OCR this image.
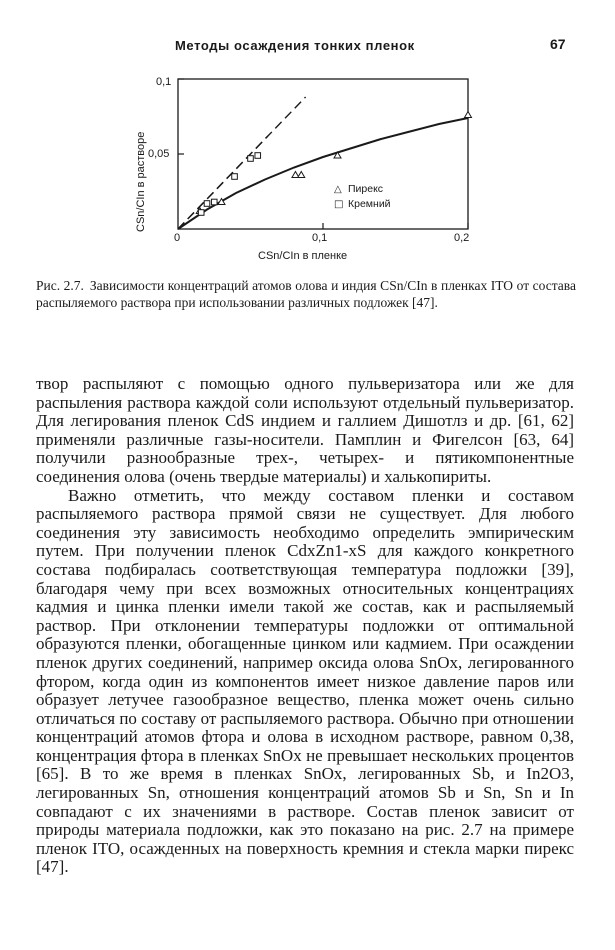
Методы осаждения тонких пленок	67
0,1
0,05
0	0,1	0,2
CSn/CIn в пленке
CSn/CIn в растворе	△ Пирекс
□ Кремний
Рис. 2.7. Зависимости концентраций атомов олова и индия CSn/CIn в пленках ITO от состава распыляемого раствора при использовании различных подложек [47].

твор распыляют с помощью одного пульверизатора или же для распыления раствора каждой соли используют отдельный пульверизатор. Для легирования пленок CdS индием и галлием Дишотлз и др. [61, 62] применяли различные газы-носители. Памплин и Фигелсон [63, 64] получили разнообразные трех-, четырех- и пятикомпонентные соединения олова (очень твердые материалы) и халькопириты.

Важно отметить, что между составом пленки и составом распыляемого раствора прямой связи не существует. Для любого соединения эту зависимость необходимо определить эмпирическим путем. При получении пленок CdxZn1-xS для каждого конкретного состава подбиралась соответствующая температура подложки [39], благодаря чему при всех возможных относительных концентрациях кадмия и цинка пленки имели такой же состав, как и распыляемый раствор. При отклонении температуры подложки от оптимальной образуются пленки, обогащенные цинком или кадмием. При осаждении пленок других соединений, например оксида олова SnOx, легированного фтором, когда один из компонентов имеет низкое давление паров или образует летучее газообразное вещество, пленка может очень сильно отличаться по составу от распыляемого раствора. Обычно при отношении концентраций атомов фтора и олова в исходном растворе, равном 0,38, концентрация фтора в пленках SnOx не превышает нескольких процентов [65]. В то же время в пленках SnOx, легированных Sb, и In2O3, легированных Sn, отношения концентраций атомов Sb и Sn, Sn и In совпадают с их значениями в растворе. Состав пленок зависит от природы материала подложки, как это показано на рис. 2.7 на примере пленок ITO, осажденных на поверхность кремния и стекла марки пирекс [47].
